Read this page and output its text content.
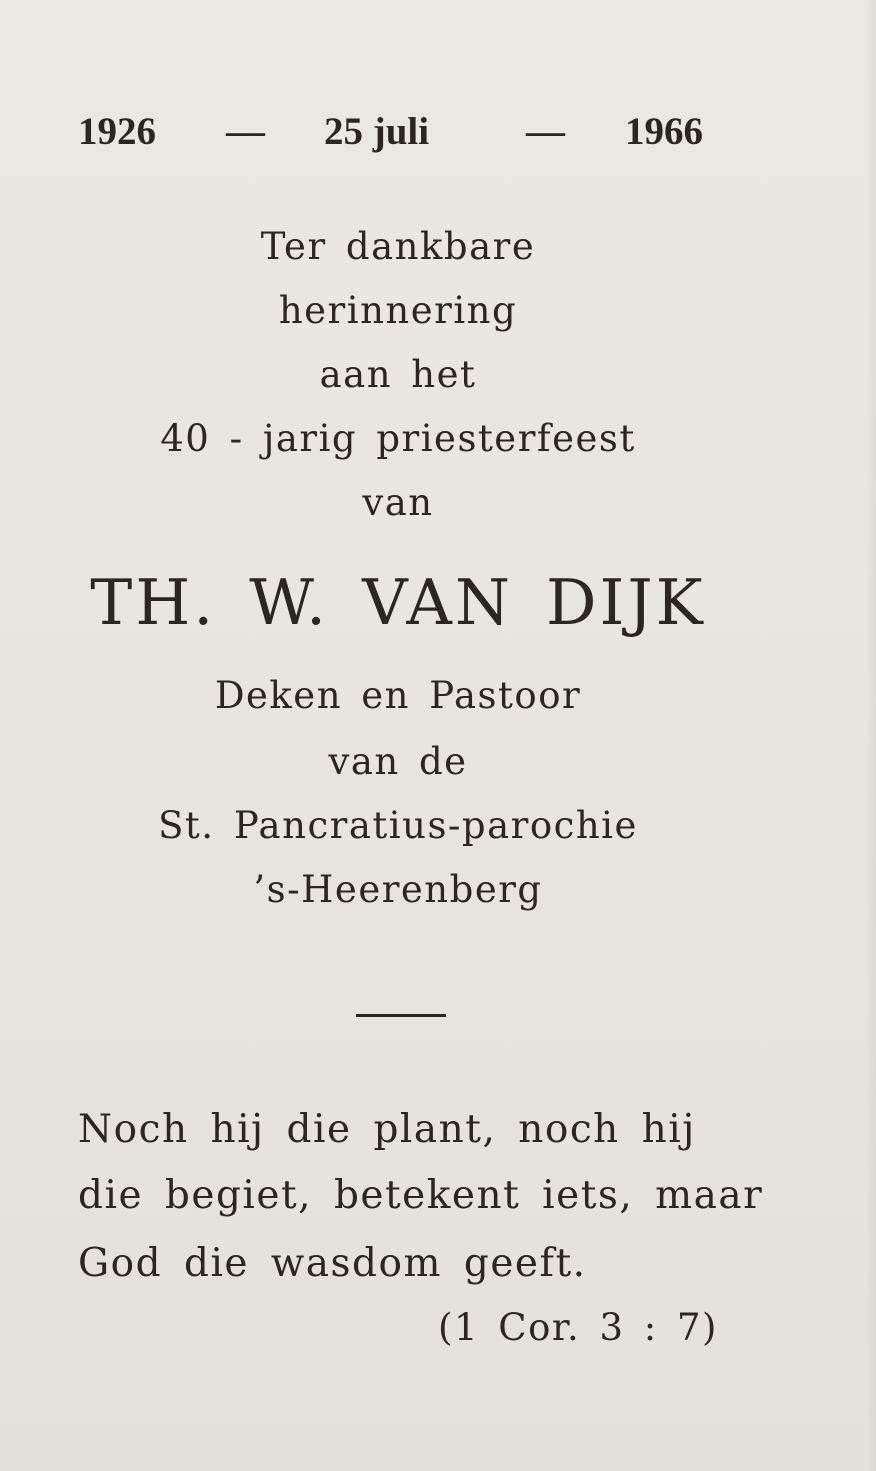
1926 — 25 juli — 1966
Ter dankbare
herinnering
aan het
40 - jarig priesterfeest
van
TH. W. VAN DIJK
Deken en Pastoor
van de
St. Pancratius-parochie
’s-Heerenberg
Noch hij die plant, noch hij
die begiet, betekent iets, maar
God die wasdom geeft.
(1 Cor. 3 : 7)
